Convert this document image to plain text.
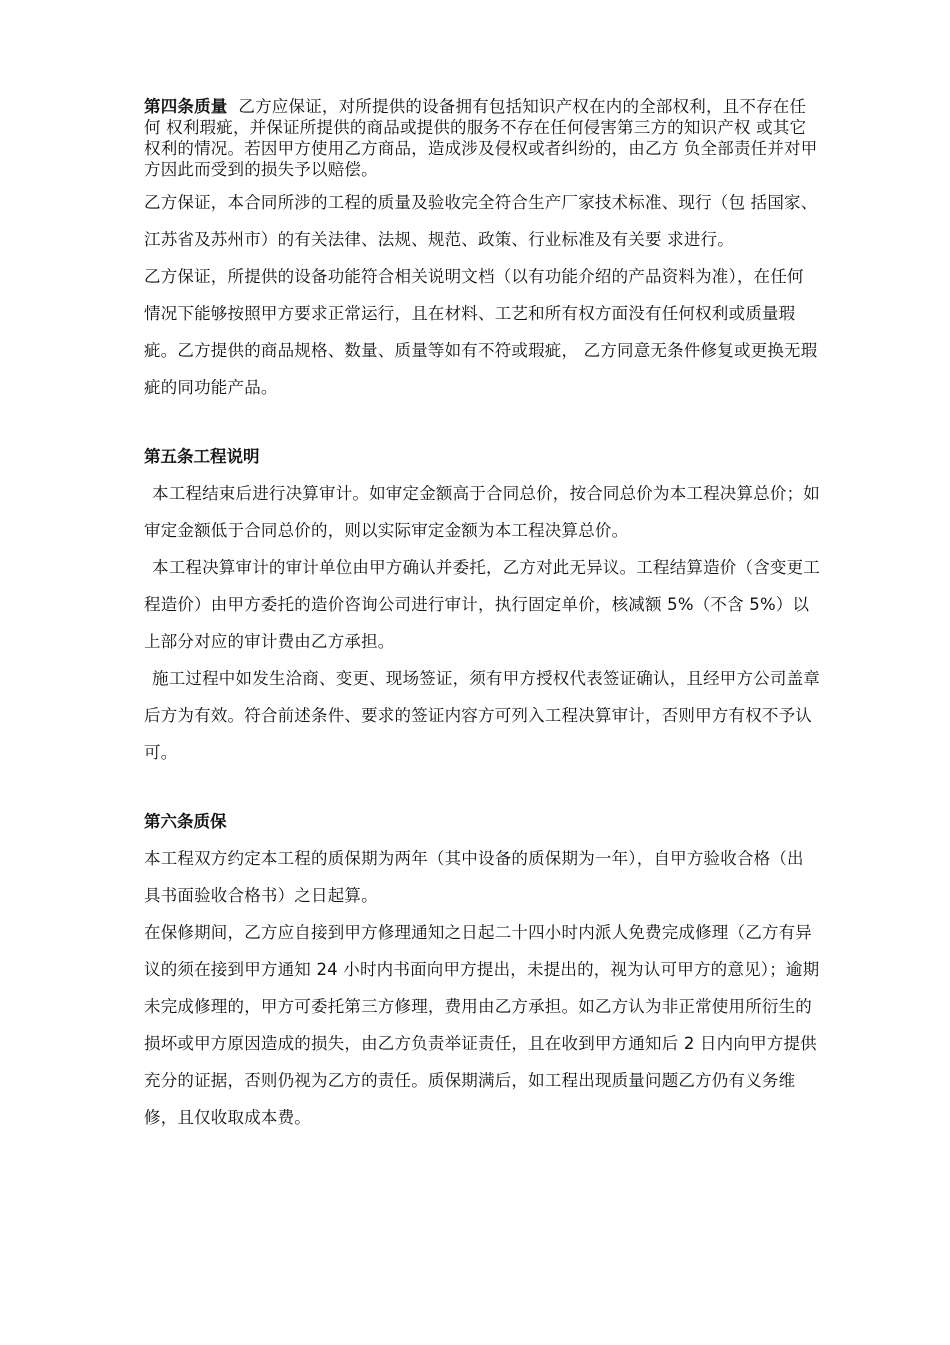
第四条质量 乙方应保证，对所提供的设备拥有包括知识产权在内的全部权利，且不存在任何 权利瑕疵，并保证所提供的商品或提供的服务不存在任何侵害第三方的知识产权 或其它权利的情况。若因甲方使用乙方商品，造成涉及侵权或者纠纷的，由乙方 负全部责任并对甲方因此而受到的损失予以赔偿。

乙方保证，本合同所涉的工程的质量及验收完全符合生产厂家技术标准、现行（包 括国家、江苏省及苏州市）的有关法律、法规、规范、政策、行业标准及有关要 求进行。

乙方保证，所提供的设备功能符合相关说明文档（以有功能介绍的产品资料为准），在任何情况下能够按照甲方要求正常运行，且在材料、工艺和所有权方面没有任何权利或质量瑕疵。乙方提供的商品规格、数量、质量等如有不符或瑕疵， 乙方同意无条件修复或更换无瑕疵的同功能产品。

第五条工程说明

本工程结束后进行决算审计。如审定金额高于合同总价，按合同总价为本工程决算总价；如审定金额低于合同总价的，则以实际审定金额为本工程决算总价。

本工程决算审计的审计单位由甲方确认并委托，乙方对此无异议。工程结算造价（含变更工程造价）由甲方委托的造价咨询公司进行审计，执行固定单价，核减额 5%（不含 5%）以上部分对应的审计费由乙方承担。

施工过程中如发生洽商、变更、现场签证，须有甲方授权代表签证确认，且经甲方公司盖章后方为有效。符合前述条件、要求的签证内容方可列入工程决算审计，否则甲方有权不予认可。

第六条质保

本工程双方约定本工程的质保期为两年（其中设备的质保期为一年），自甲方验收合格（出具书面验收合格书）之日起算。

在保修期间，乙方应自接到甲方修理通知之日起二十四小时内派人免费完成修理（乙方有异议的须在接到甲方通知 24 小时内书面向甲方提出，未提出的，视为认可甲方的意见）；逾期未完成修理的，甲方可委托第三方修理，费用由乙方承担。如乙方认为非正常使用所衍生的损坏或甲方原因造成的损失，由乙方负责举证责任，且在收到甲方通知后 2 日内向甲方提供充分的证据，否则仍视为乙方的责任。质保期满后，如工程出现质量问题乙方仍有义务维修，且仅收取成本费。
